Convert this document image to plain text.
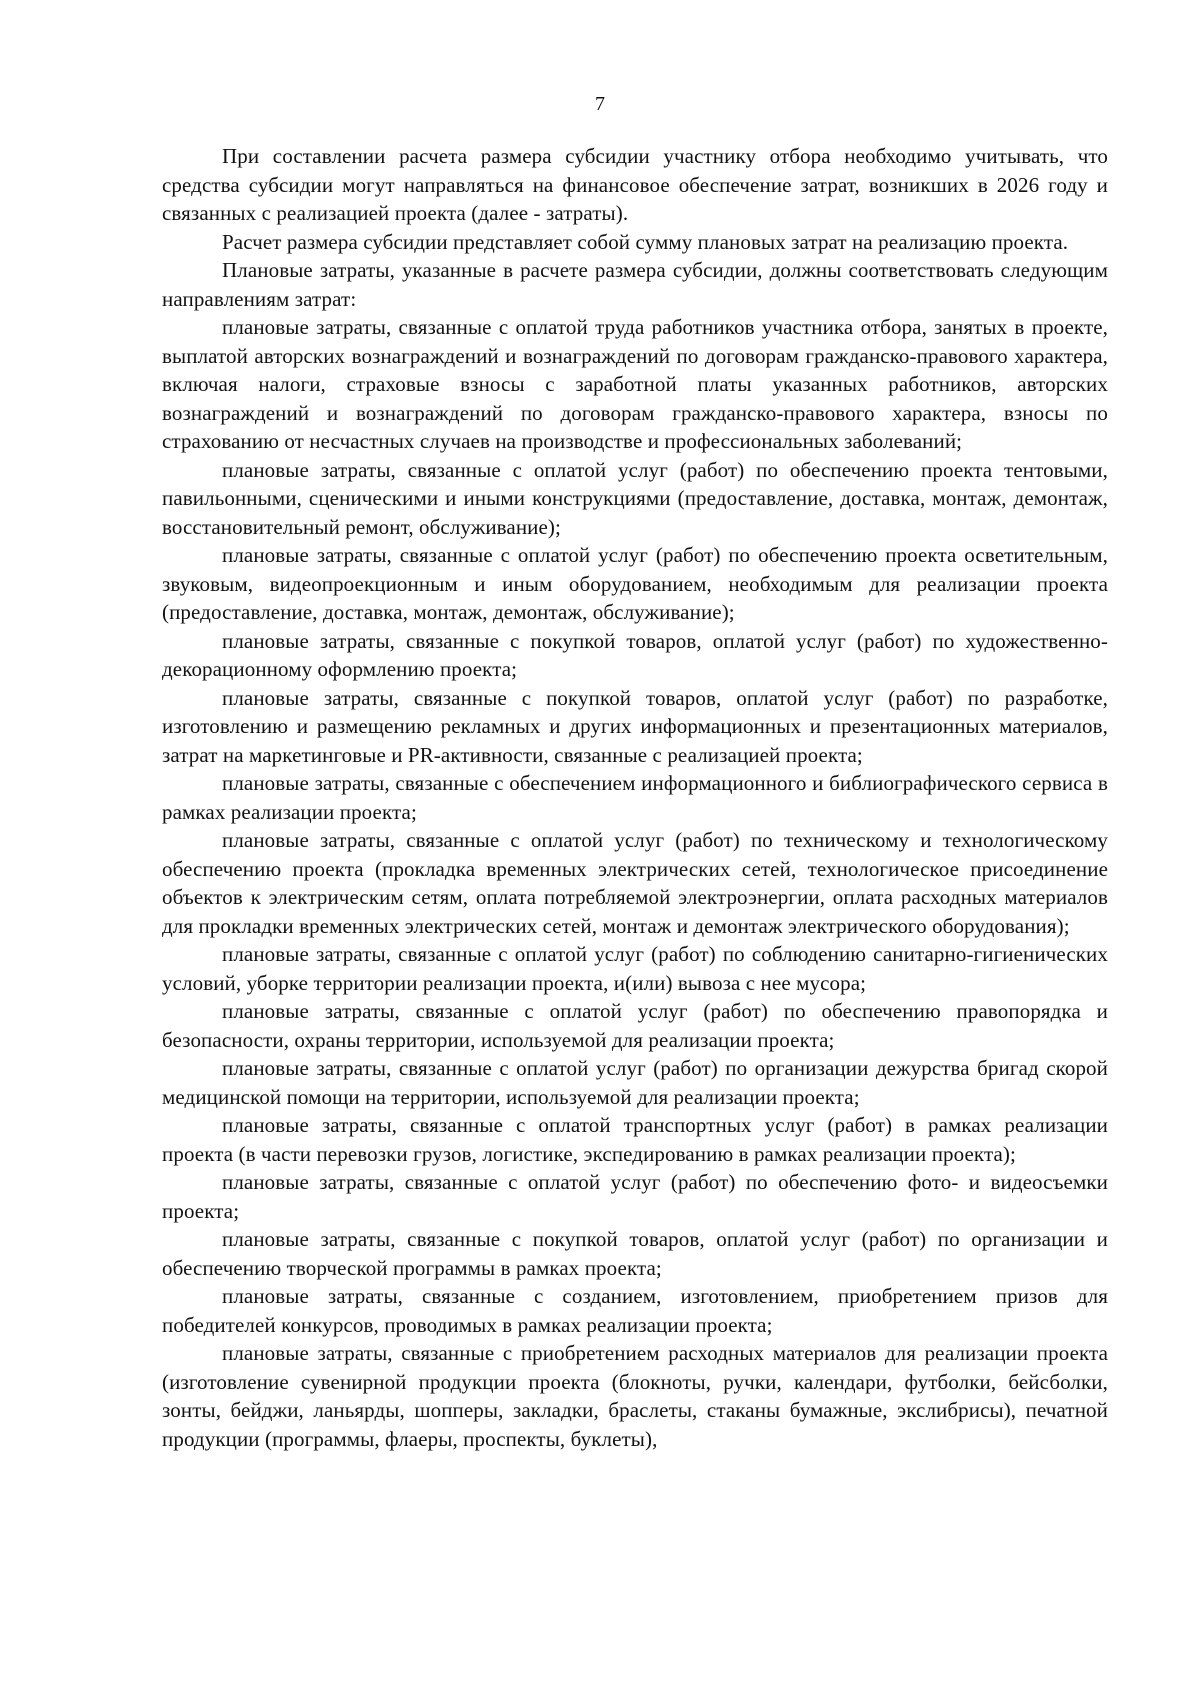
7

При составлении расчета размера субсидии участнику отбора необходимо учитывать, что средства субсидии могут направляться на финансовое обеспечение затрат, возникших в 2026 году и связанных с реализацией проекта (далее - затраты).

Расчет размера субсидии представляет собой сумму плановых затрат на реализацию проекта.

Плановые затраты, указанные в расчете размера субсидии, должны соответствовать следующим направлениям затрат:

плановые затраты, связанные с оплатой труда работников участника отбора, занятых в проекте, выплатой авторских вознаграждений и вознаграждений по договорам гражданско-правового характера, включая налоги, страховые взносы с заработной платы указанных работников, авторских вознаграждений и вознаграждений по договорам гражданско-правового характера, взносы по страхованию от несчастных случаев на производстве и профессиональных заболеваний;

плановые затраты, связанные с оплатой услуг (работ) по обеспечению проекта тентовыми, павильонными, сценическими и иными конструкциями (предоставление, доставка, монтаж, демонтаж, восстановительный ремонт, обслуживание);

плановые затраты, связанные с оплатой услуг (работ) по обеспечению проекта осветительным, звуковым, видеопроекционным и иным оборудованием, необходимым для реализации проекта (предоставление, доставка, монтаж, демонтаж, обслуживание);

плановые затраты, связанные с покупкой товаров, оплатой услуг (работ) по художественно-декорационному оформлению проекта;

плановые затраты, связанные с покупкой товаров, оплатой услуг (работ) по разработке, изготовлению и размещению рекламных и других информационных и презентационных материалов, затрат на маркетинговые и PR-активности, связанные с реализацией проекта;

плановые затраты, связанные с обеспечением информационного и библиографического сервиса в рамках реализации проекта;

плановые затраты, связанные с оплатой услуг (работ) по техническому и технологическому обеспечению проекта (прокладка временных электрических сетей, технологическое присоединение объектов к электрическим сетям, оплата потребляемой электроэнергии, оплата расходных материалов для прокладки временных электрических сетей, монтаж и демонтаж электрического оборудования);

плановые затраты, связанные с оплатой услуг (работ) по соблюдению санитарно-гигиенических условий, уборке территории реализации проекта, и(или) вывоза с нее мусора;

плановые затраты, связанные с оплатой услуг (работ) по обеспечению правопорядка и безопасности, охраны территории, используемой для реализации проекта;

плановые затраты, связанные с оплатой услуг (работ) по организации дежурства бригад скорой медицинской помощи на территории, используемой для реализации проекта;

плановые затраты, связанные с оплатой транспортных услуг (работ) в рамках реализации проекта (в части перевозки грузов, логистике, экспедированию в рамках реализации проекта);

плановые затраты, связанные с оплатой услуг (работ) по обеспечению фото- и видеосъемки проекта;

плановые затраты, связанные с покупкой товаров, оплатой услуг (работ) по организации и обеспечению творческой программы в рамках проекта;

плановые затраты, связанные с созданием, изготовлением, приобретением призов для победителей конкурсов, проводимых в рамках реализации проекта;

плановые затраты, связанные с приобретением расходных материалов для реализации проекта (изготовление сувенирной продукции проекта (блокноты, ручки, календари, футболки, бейсболки, зонты, бейджи, ланьярды, шопперы, закладки, браслеты, стаканы бумажные, экслибрисы), печатной продукции (программы, флаеры, проспекты, буклеты),
